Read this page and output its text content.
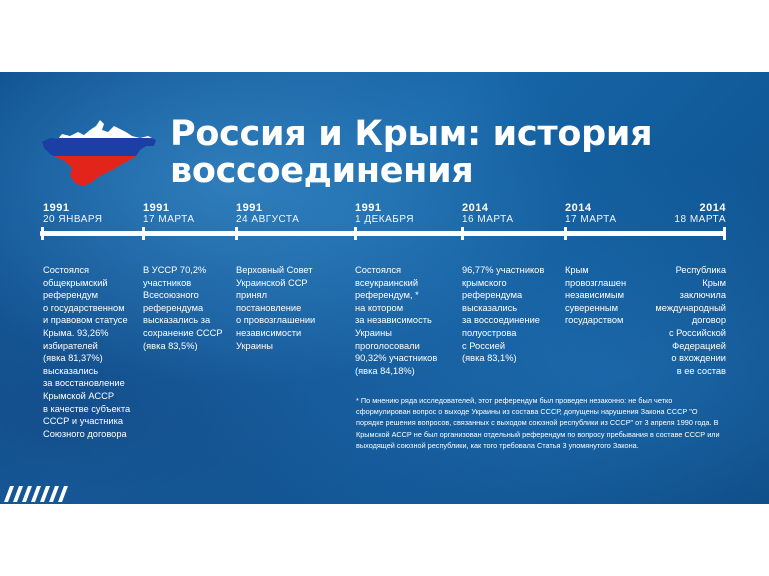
Россия и Крым: история воссоединения
1991
20 ЯНВАРЯ
Состоялся
общекрымский
референдум
о государственном
и правовом статусе
Крыма. 93,26%
избирателей
(явка 81,37%)
высказались
за восстановление
Крымской АССР
в качестве субъекта
СССР и участника
Союзного договора
1991
17 МАРТА
В УССР 70,2%
участников
Всесоюзного
референдума
высказались за
сохранение СССР
(явка 83,5%)
1991
24 АВГУСТА
Верховный Совет
Украинской ССР
принял
постановление
о провозглашении
независимости
Украины
1991
1 ДЕКАБРЯ
Состоялся
всеукраинский
референдум, *
на котором
за независимость
Украины
проголосовали
90,32% участников
(явка 84,18%)
2014
16 МАРТА
96,77% участников
крымского
референдума
высказались
за воссоединение
полуострова
с Россией
(явка 83,1%)
2014
17 МАРТА
Крым
провозглашен
независимым
суверенным
государством
2014
18 МАРТА
Республика
Крым
заключила
международный
договор
с Российской
Федерацией
о вхождении
в ее состав
* По мнению ряда исследователей, этот референдум был проведен незаконно: не был четко сформулирован вопрос о выходе Украины из состава СССР, допущены нарушения Закона СССР "О порядке решения вопросов, связанных с выходом союзной республики из СССР" от 3 апреля 1990 года. В Крымской АССР не был организован отдельный референдум по вопросу пребывания в составе СССР или выходящей союзной республики, как того требовала Статья 3 упомянутого Закона.
